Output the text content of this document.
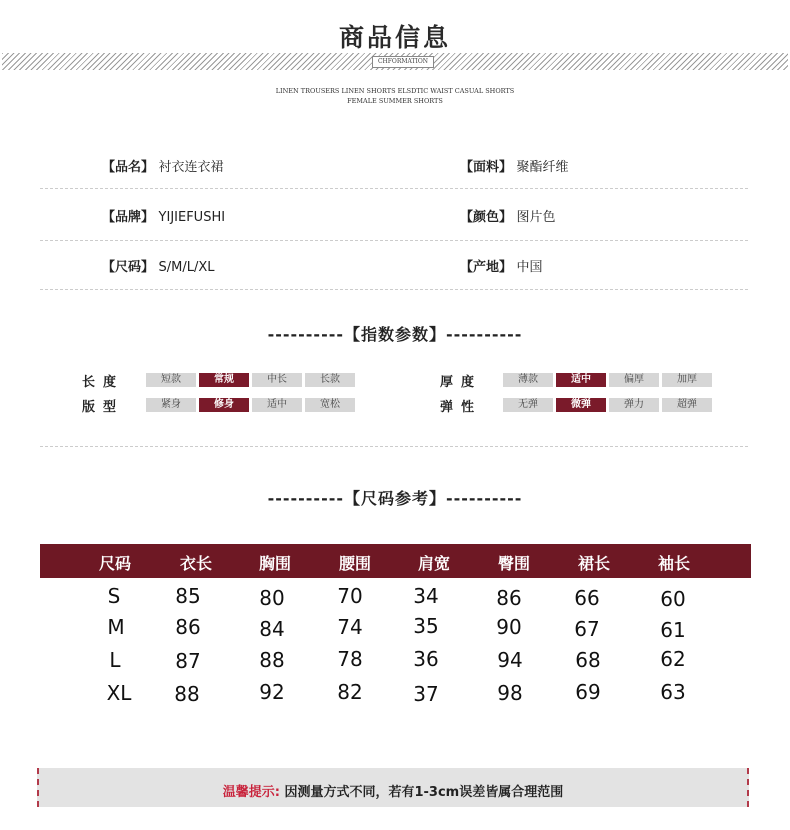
商品信息
CHFORMATION
LINEN TROUSERS LINEN SHORTS ELSDTIC WAIST CASUAL SHORTS
FEMALE SUMMER SHORTS
【品名】 衬衣连衣裙	【面料】 聚酯纤维
【品牌】 YIJIEFUSHI	【颜色】 图片色
【尺码】 S/M/L/XL	【产地】 中国
----------【指数参数】----------
长度	短款	常规	中长	长款
版型	紧身	修身	适中	宽松
厚度	薄款	适中	偏厚	加厚
弹性	无弹	微弹	弹力	超弹
----------【尺码参考】----------
尺码	衣长	胸围	腰围	肩宽	臀围	裙长	袖长
S	85	80	70	34	86	66	60
M	86	84	74	35	90	67	61
L	87	88	78	36	94	68	62
XL	88	92	82	37	98	69	63
温馨提示: 因测量方式不同，若有1-3cm误差皆属合理范围
